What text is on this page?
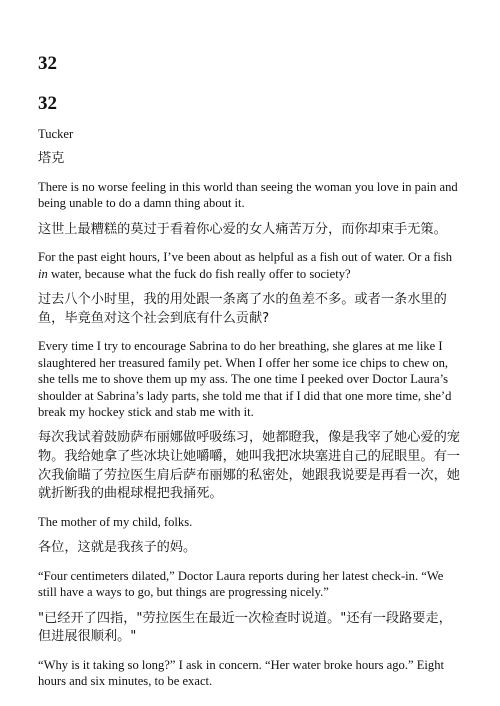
32
32

Tucker

塔克

There is no worse feeling in this world than seeing the woman you love in pain and being unable to do a damn thing about it.

这世上最糟糕的莫过于看着你心爱的女人痛苦万分，而你却束手无策。

For the past eight hours, I’ve been about as helpful as a fish out of water. Or a fish in water, because what the fuck do fish really offer to society?

过去八个小时里，我的用处跟一条离了水的鱼差不多。或者一条水里的鱼，毕竟鱼对这个社会到底有什么贡献?

Every time I try to encourage Sabrina to do her breathing, she glares at me like I slaughtered her treasured family pet. When I offer her some ice chips to chew on, she tells me to shove them up my ass. The one time I peeked over Doctor Laura’s shoulder at Sabrina’s lady parts, she told me that if I did that one more time, she’d break my hockey stick and stab me with it.

每次我试着鼓励萨布丽娜做呼吸练习，她都瞪我，像是我宰了她心爱的宠物。我给她拿了些冰块让她嚼嚼，她叫我把冰块塞进自己的屁眼里。有一次我偷瞄了劳拉医生肩后萨布丽娜的私密处，她跟我说要是再看一次，她就折断我的曲棍球棍把我捅死。

The mother of my child, folks.

各位，这就是我孩子的妈。

“Four centimeters dilated,” Doctor Laura reports during her latest check-in. “We still have a ways to go, but things are progressing nicely.”

"已经开了四指，"劳拉医生在最近一次检查时说道。"还有一段路要走，但进展很顺利。"

“Why is it taking so long?” I ask in concern. “Her water broke hours ago.” Eight hours and six minutes, to be exact.
